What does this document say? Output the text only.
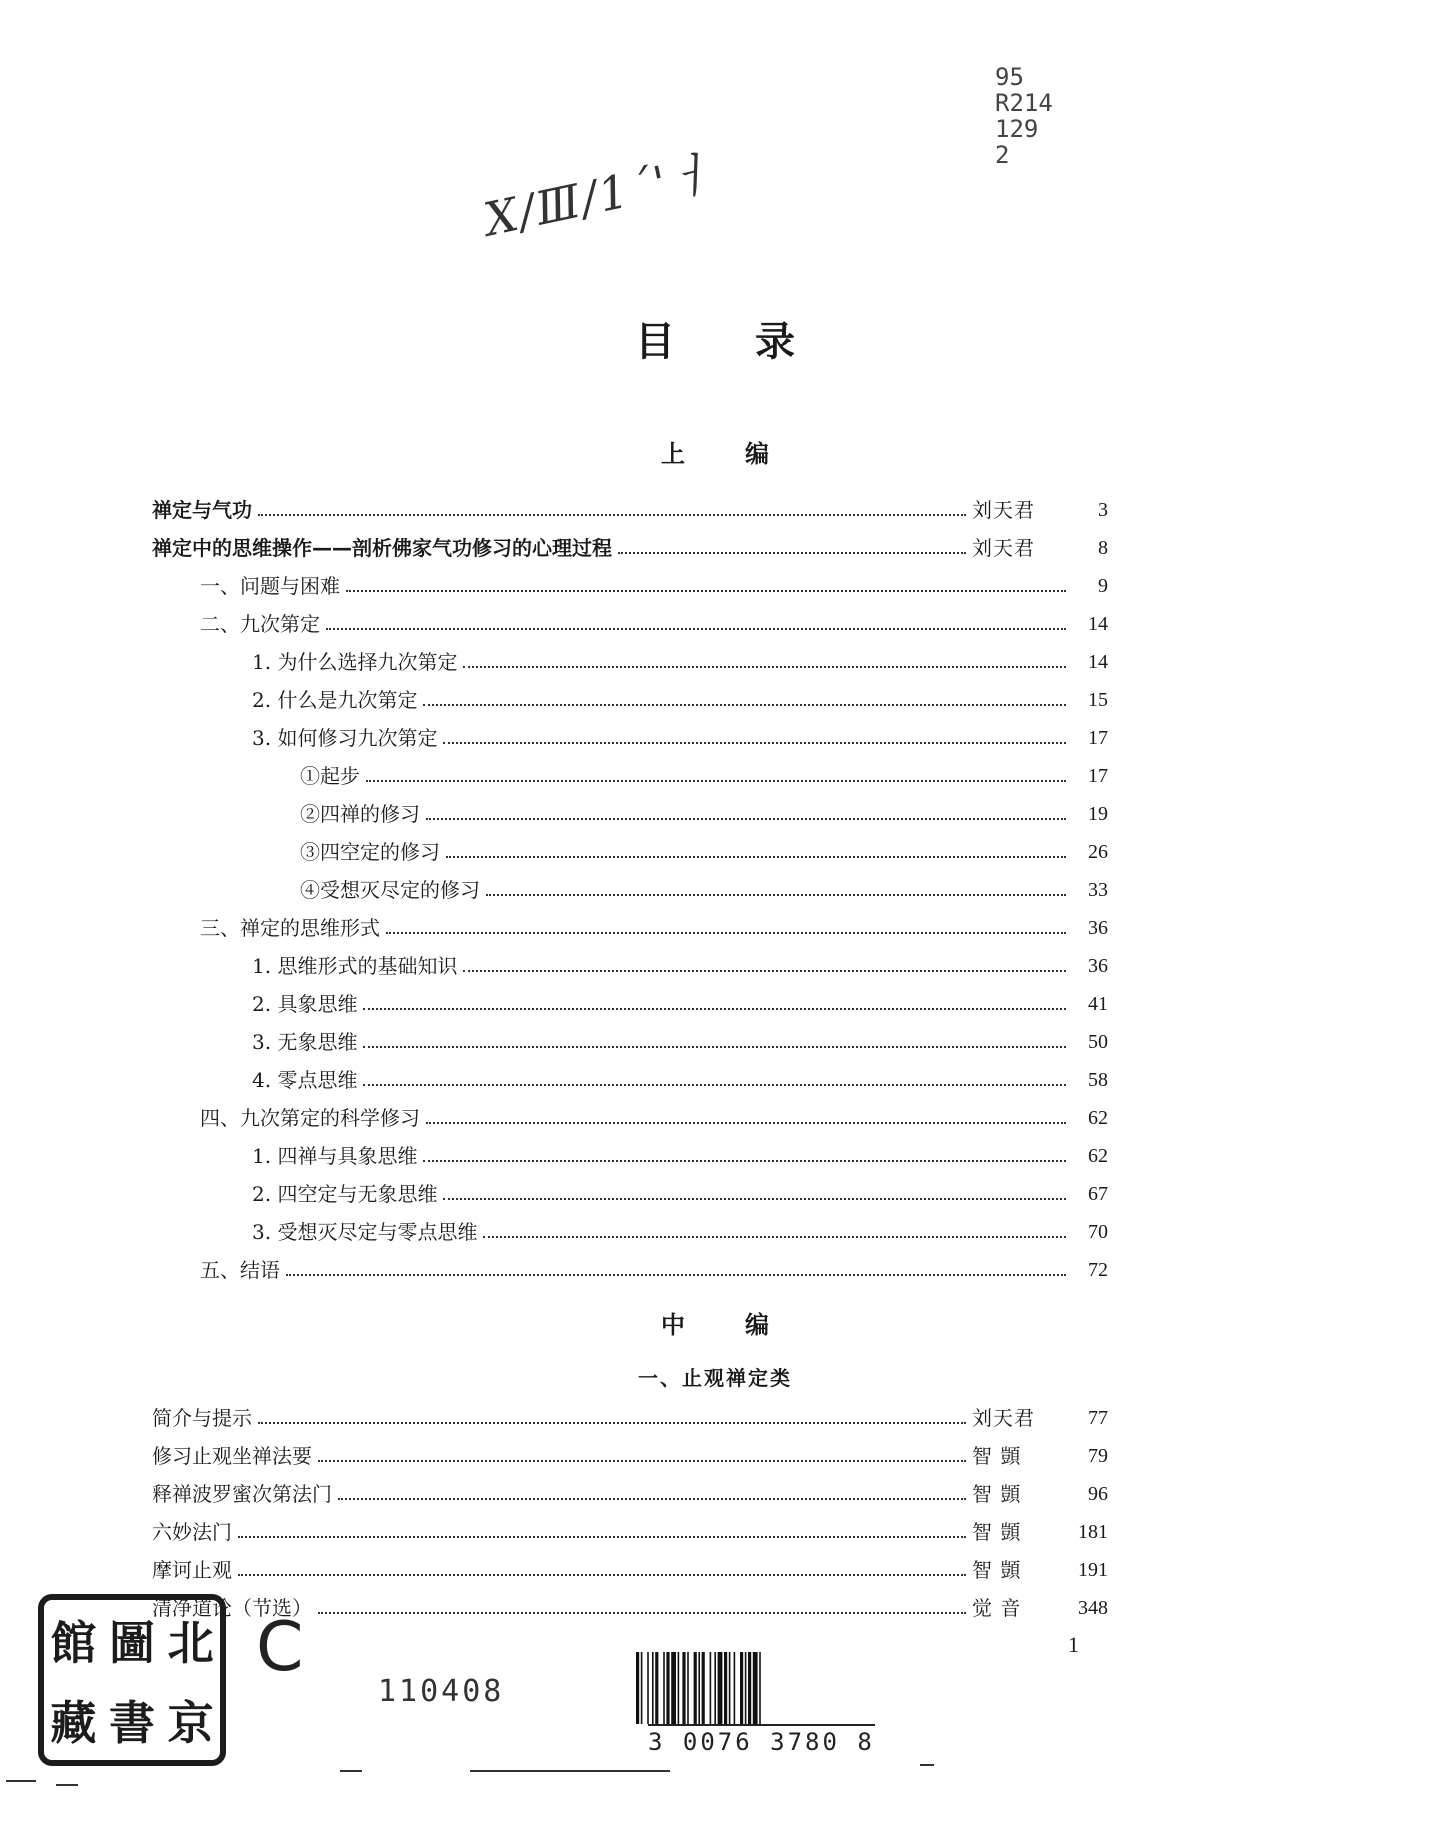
95
R214
129
2
X/Ⅲ/1ˊ'ㅓ
目录
上编
禅定与气功	刘天君	3
禅定中的思维操作——剖析佛家气功修习的心理过程	刘天君	8
一、问题与困难	9
二、九次第定	14
1. 为什么选择九次第定	14
2. 什么是九次第定	15
3. 如何修习九次第定	17
①起步	17
②四禅的修习	19
③四空定的修习	26
④受想灭尽定的修习	33
三、禅定的思维形式	36
1. 思维形式的基础知识	36
2. 具象思维	41
3. 无象思维	50
4. 零点思维	58
四、九次第定的科学修习	62
1. 四禅与具象思维	62
2. 四空定与无象思维	67
3. 受想灭尽定与零点思维	70
五、结语	72
简介与提示	刘天君	77
修习止观坐禅法要	智 顗	79
释禅波罗蜜次第法门	智 顗	96
六妙法门	智 顗	181
摩诃止观	智 顗	191
清净道论（节选）	觉 音	348
中编
一、止观禅定类
1
館 圖 北
藏 書 京
C
110408
3 0076 3780 8
